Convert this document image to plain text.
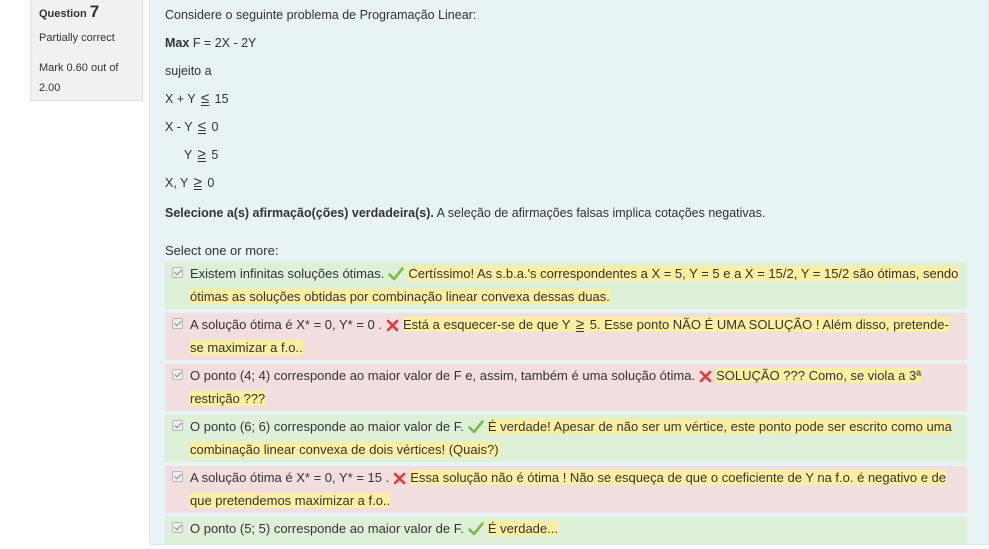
Question 7
Partially correct
Mark 0.60 out of 2.00

Considere o seguinte problema de Programação Linear:

Max F = 2X - 2Y

sujeito a

X + Y ≤ 15

X - Y ≤ 0

Y ≥ 5

X, Y ≥ 0

Selecione a(s) afirmação(ções) verdadeira(s). A seleção de afirmações falsas implica cotações negativas.

Select one or more:
Existem infinitas soluções ótimas. Certíssimo! As s.b.a.'s correspondentes a X = 5, Y = 5 e a X = 15/2, Y = 15/2 são ótimas, sendo ótimas as soluções obtidas por combinação linear convexa dessas duas.
A solução ótima é X* = 0, Y* = 0 . Está a esquecer-se de que Y ≥ 5. Esse ponto NÃO É UMA SOLUÇÃO ! Além disso, pretende-se maximizar a f.o..
O ponto (4; 4) corresponde ao maior valor de F e, assim, também é uma solução ótima. SOLUÇÃO ??? Como, se viola a 3ª restrição ???
O ponto (6; 6) corresponde ao maior valor de F. É verdade! Apesar de não ser um vértice, este ponto pode ser escrito como uma combinação linear convexa de dois vértices! (Quais?)
A solução ótima é X* = 0, Y* = 15 . Essa solução não é ótima ! Não se esqueça de que o coeficiente de Y na f.o. é negativo e de que pretendemos maximizar a f.o..
O ponto (5; 5) corresponde ao maior valor de F. É verdade...
